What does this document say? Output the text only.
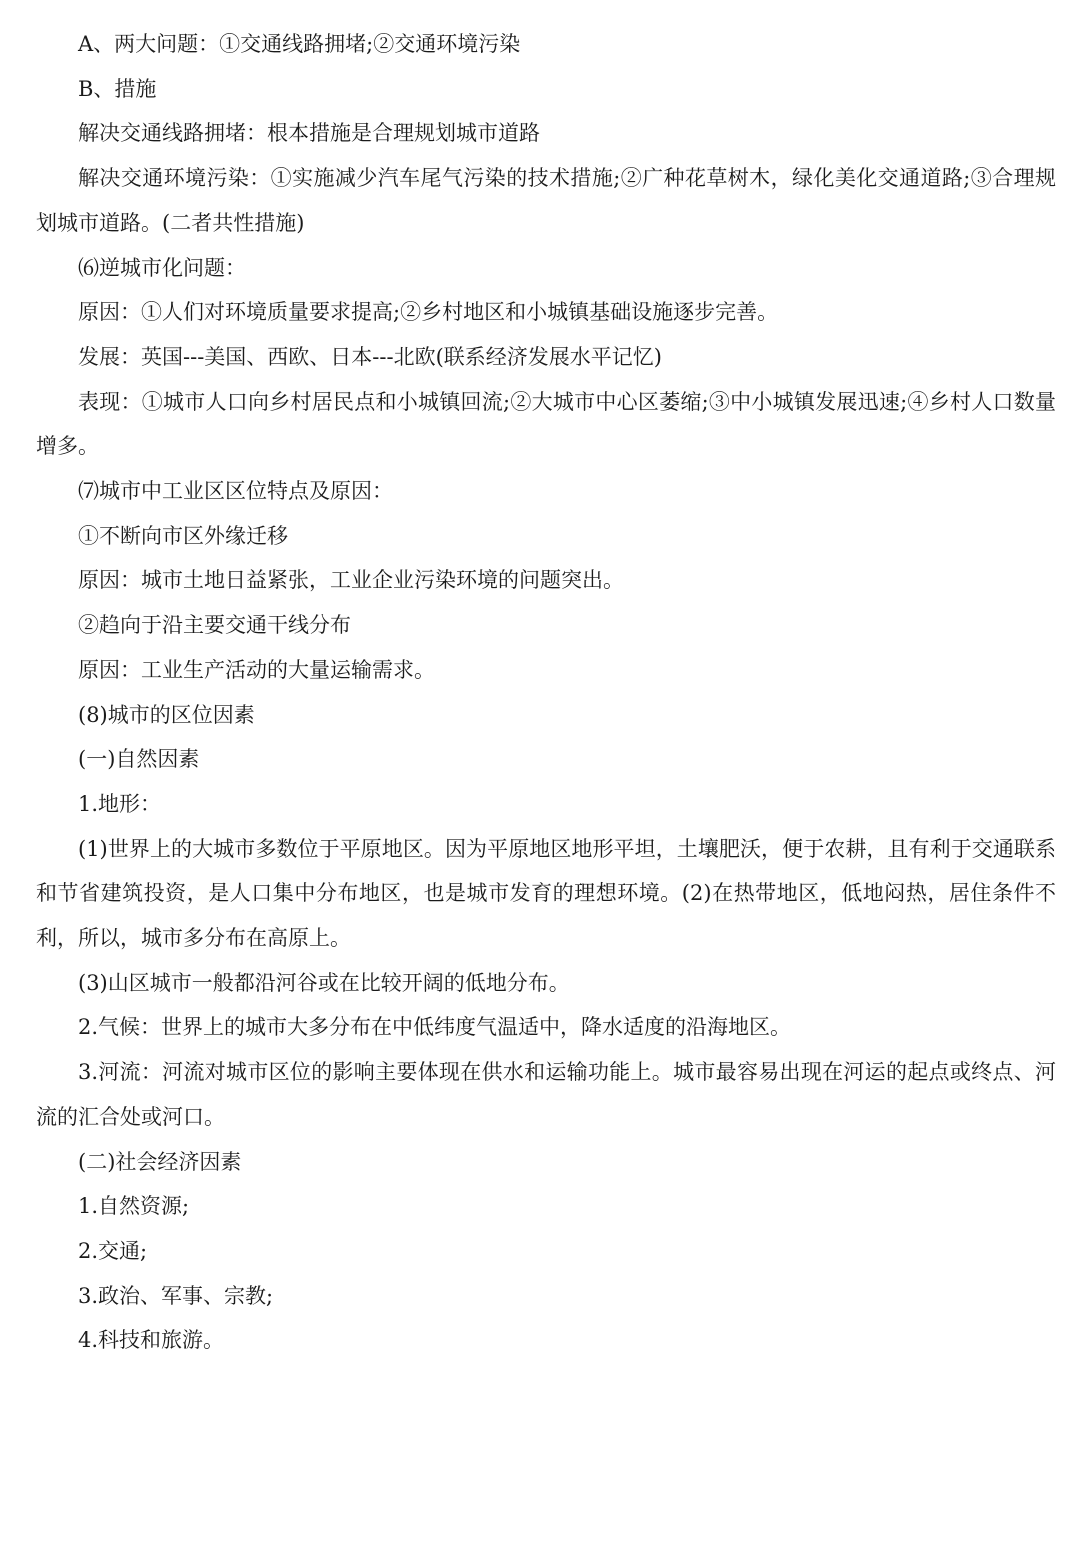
A、两大问题：①交通线路拥堵;②交通环境污染

B、措施

解决交通线路拥堵：根本措施是合理规划城市道路

解决交通环境污染：①实施减少汽车尾气污染的技术措施;②广种花草树木，绿化美化交通道路;③合理规划城市道路。(二者共性措施)

⑹逆城市化问题：

原因：①人们对环境质量要求提高;②乡村地区和小城镇基础设施逐步完善。

发展：英国---美国、西欧、日本---北欧(联系经济发展水平记忆)

表现：①城市人口向乡村居民点和小城镇回流;②大城市中心区萎缩;③中小城镇发展迅速;④乡村人口数量增多。

⑺城市中工业区区位特点及原因：

①不断向市区外缘迁移

原因：城市土地日益紧张，工业企业污染环境的问题突出。

②趋向于沿主要交通干线分布

原因：工业生产活动的大量运输需求。

(8)城市的区位因素

(一)自然因素

1.地形：

(1)世界上的大城市多数位于平原地区。因为平原地区地形平坦，土壤肥沃，便于农耕，且有利于交通联系和节省建筑投资，是人口集中分布地区，也是城市发育的理想环境。(2)在热带地区，低地闷热，居住条件不利，所以，城市多分布在高原上。

(3)山区城市一般都沿河谷或在比较开阔的低地分布。

2.气候：世界上的城市大多分布在中低纬度气温适中，降水适度的沿海地区。

3.河流：河流对城市区位的影响主要体现在供水和运输功能上。城市最容易出现在河运的起点或终点、河流的汇合处或河口。

(二)社会经济因素

1.自然资源;

2.交通;

3.政治、军事、宗教;

4.科技和旅游。
